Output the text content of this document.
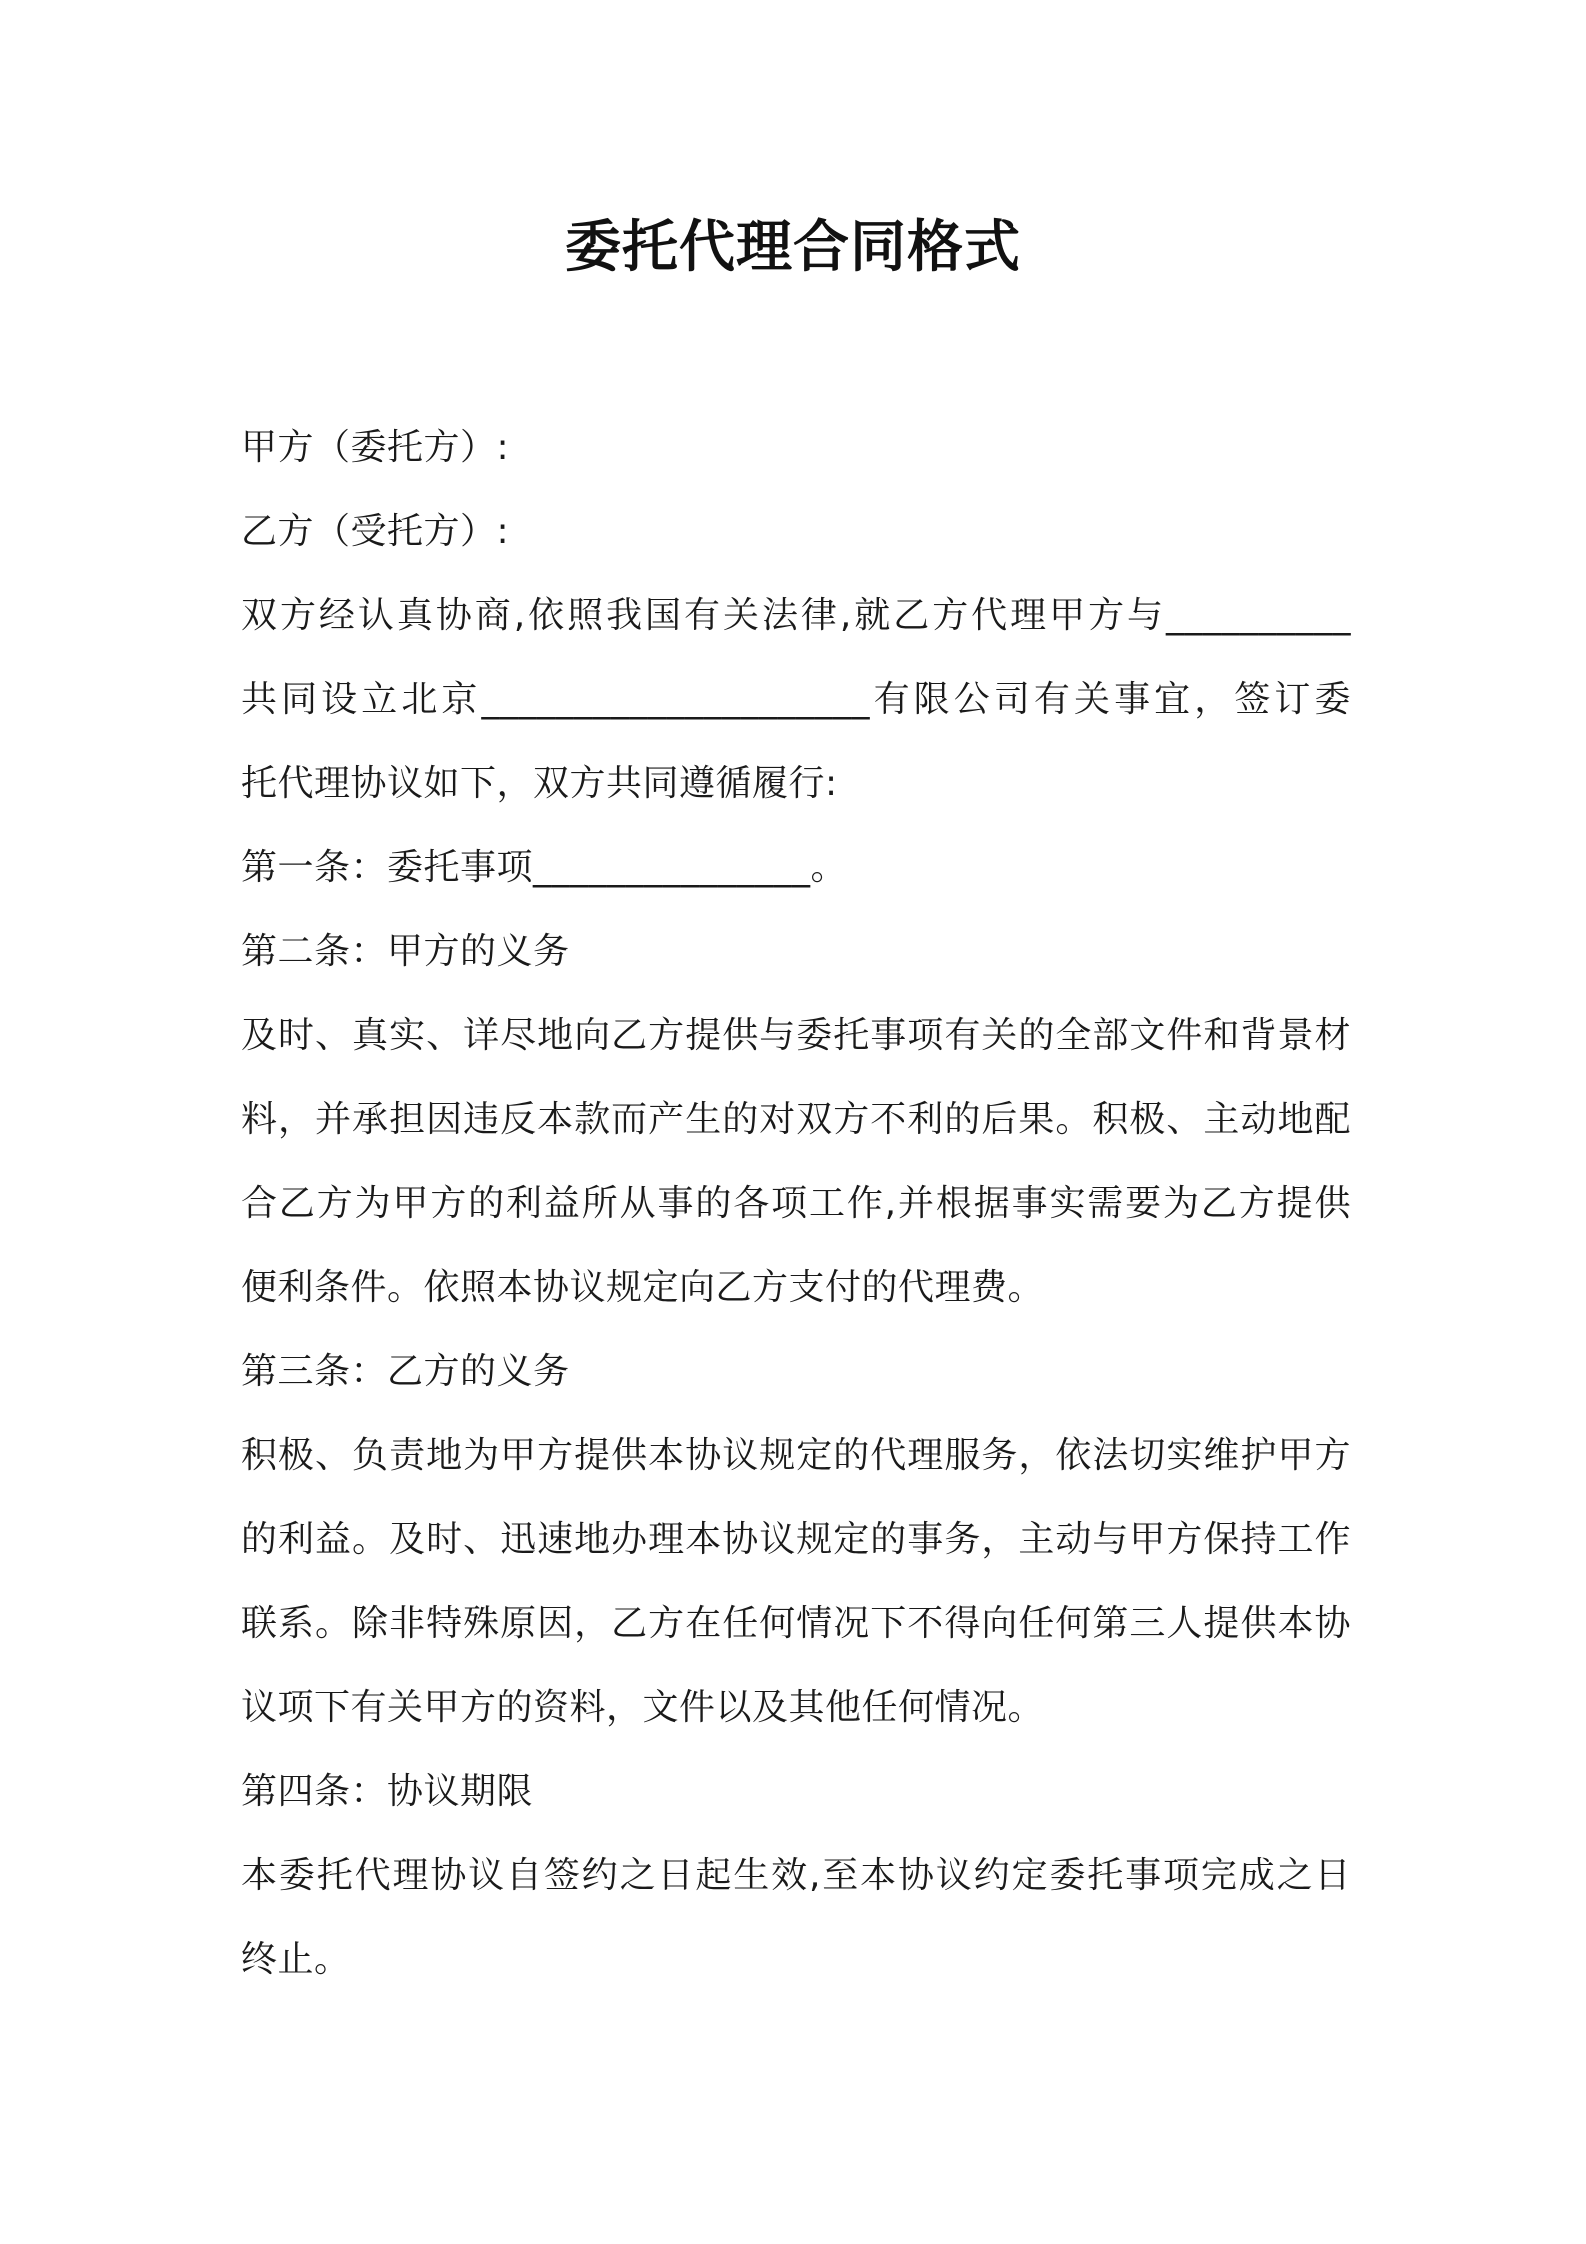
委托代理合同格式
甲方（委托方）:
乙方（受托方）:
双方经认真协商,依照我国有关法律,就乙方代理甲方与__________
共同设立北京_____________________有限公司有关事宜，签订委
托代理协议如下，双方共同遵循履行:
第一条：委托事项_______________。
第二条：甲方的义务
及时、真实、详尽地向乙方提供与委托事项有关的全部文件和背景材
料，并承担因违反本款而产生的对双方不利的后果。积极、主动地配
合乙方为甲方的利益所从事的各项工作,并根据事实需要为乙方提供
便利条件。依照本协议规定向乙方支付的代理费。
第三条：乙方的义务
积极、负责地为甲方提供本协议规定的代理服务，依法切实维护甲方
的利益。及时、迅速地办理本协议规定的事务，主动与甲方保持工作
联系。除非特殊原因，乙方在任何情况下不得向任何第三人提供本协
议项下有关甲方的资料，文件以及其他任何情况。
第四条：协议期限
本委托代理协议自签约之日起生效,至本协议约定委托事项完成之日
终止。
